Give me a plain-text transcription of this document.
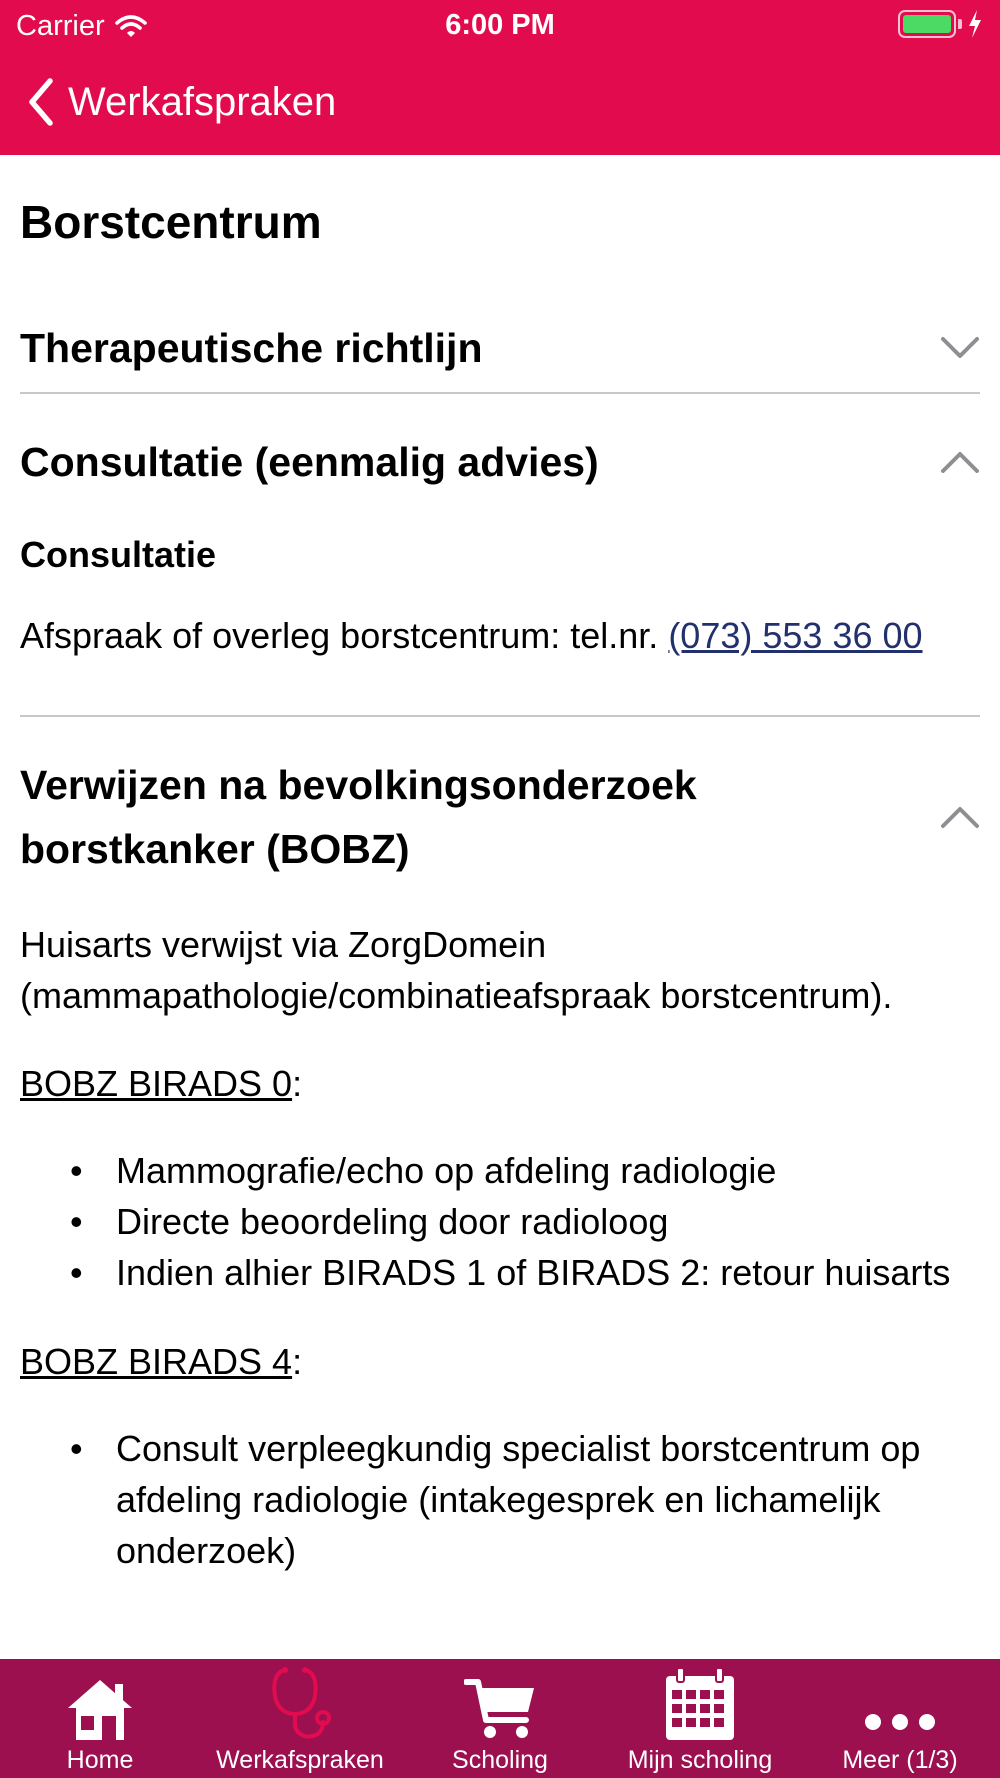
Carrier	6:00 PM
Werkafspraken
Borstcentrum
Therapeutische richtlijn
Consultatie (eenmalig advies)
Consultatie

Afspraak of overleg borstcentrum: tel.nr. (073) 553 36 00

Verwijzen na bevolkingsonderzoek borstkanker (BOBZ)

Huisarts verwijst via ZorgDomein (mammapathologie/combinatieafspraak borstcentrum).

BOBZ BIRADS 0:

• Mammografie/echo op afdeling radiologie
• Directe beoordeling door radioloog
• Indien alhier BIRADS 1 of BIRADS 2: retour huisarts

BOBZ BIRADS 4:

• Consult verpleegkundig specialist borstcentrum op afdeling radiologie (intakegesprek en lichamelijk onderzoek)
Home	Werkafspraken	Scholing	Mijn scholing	Meer (1/3)
